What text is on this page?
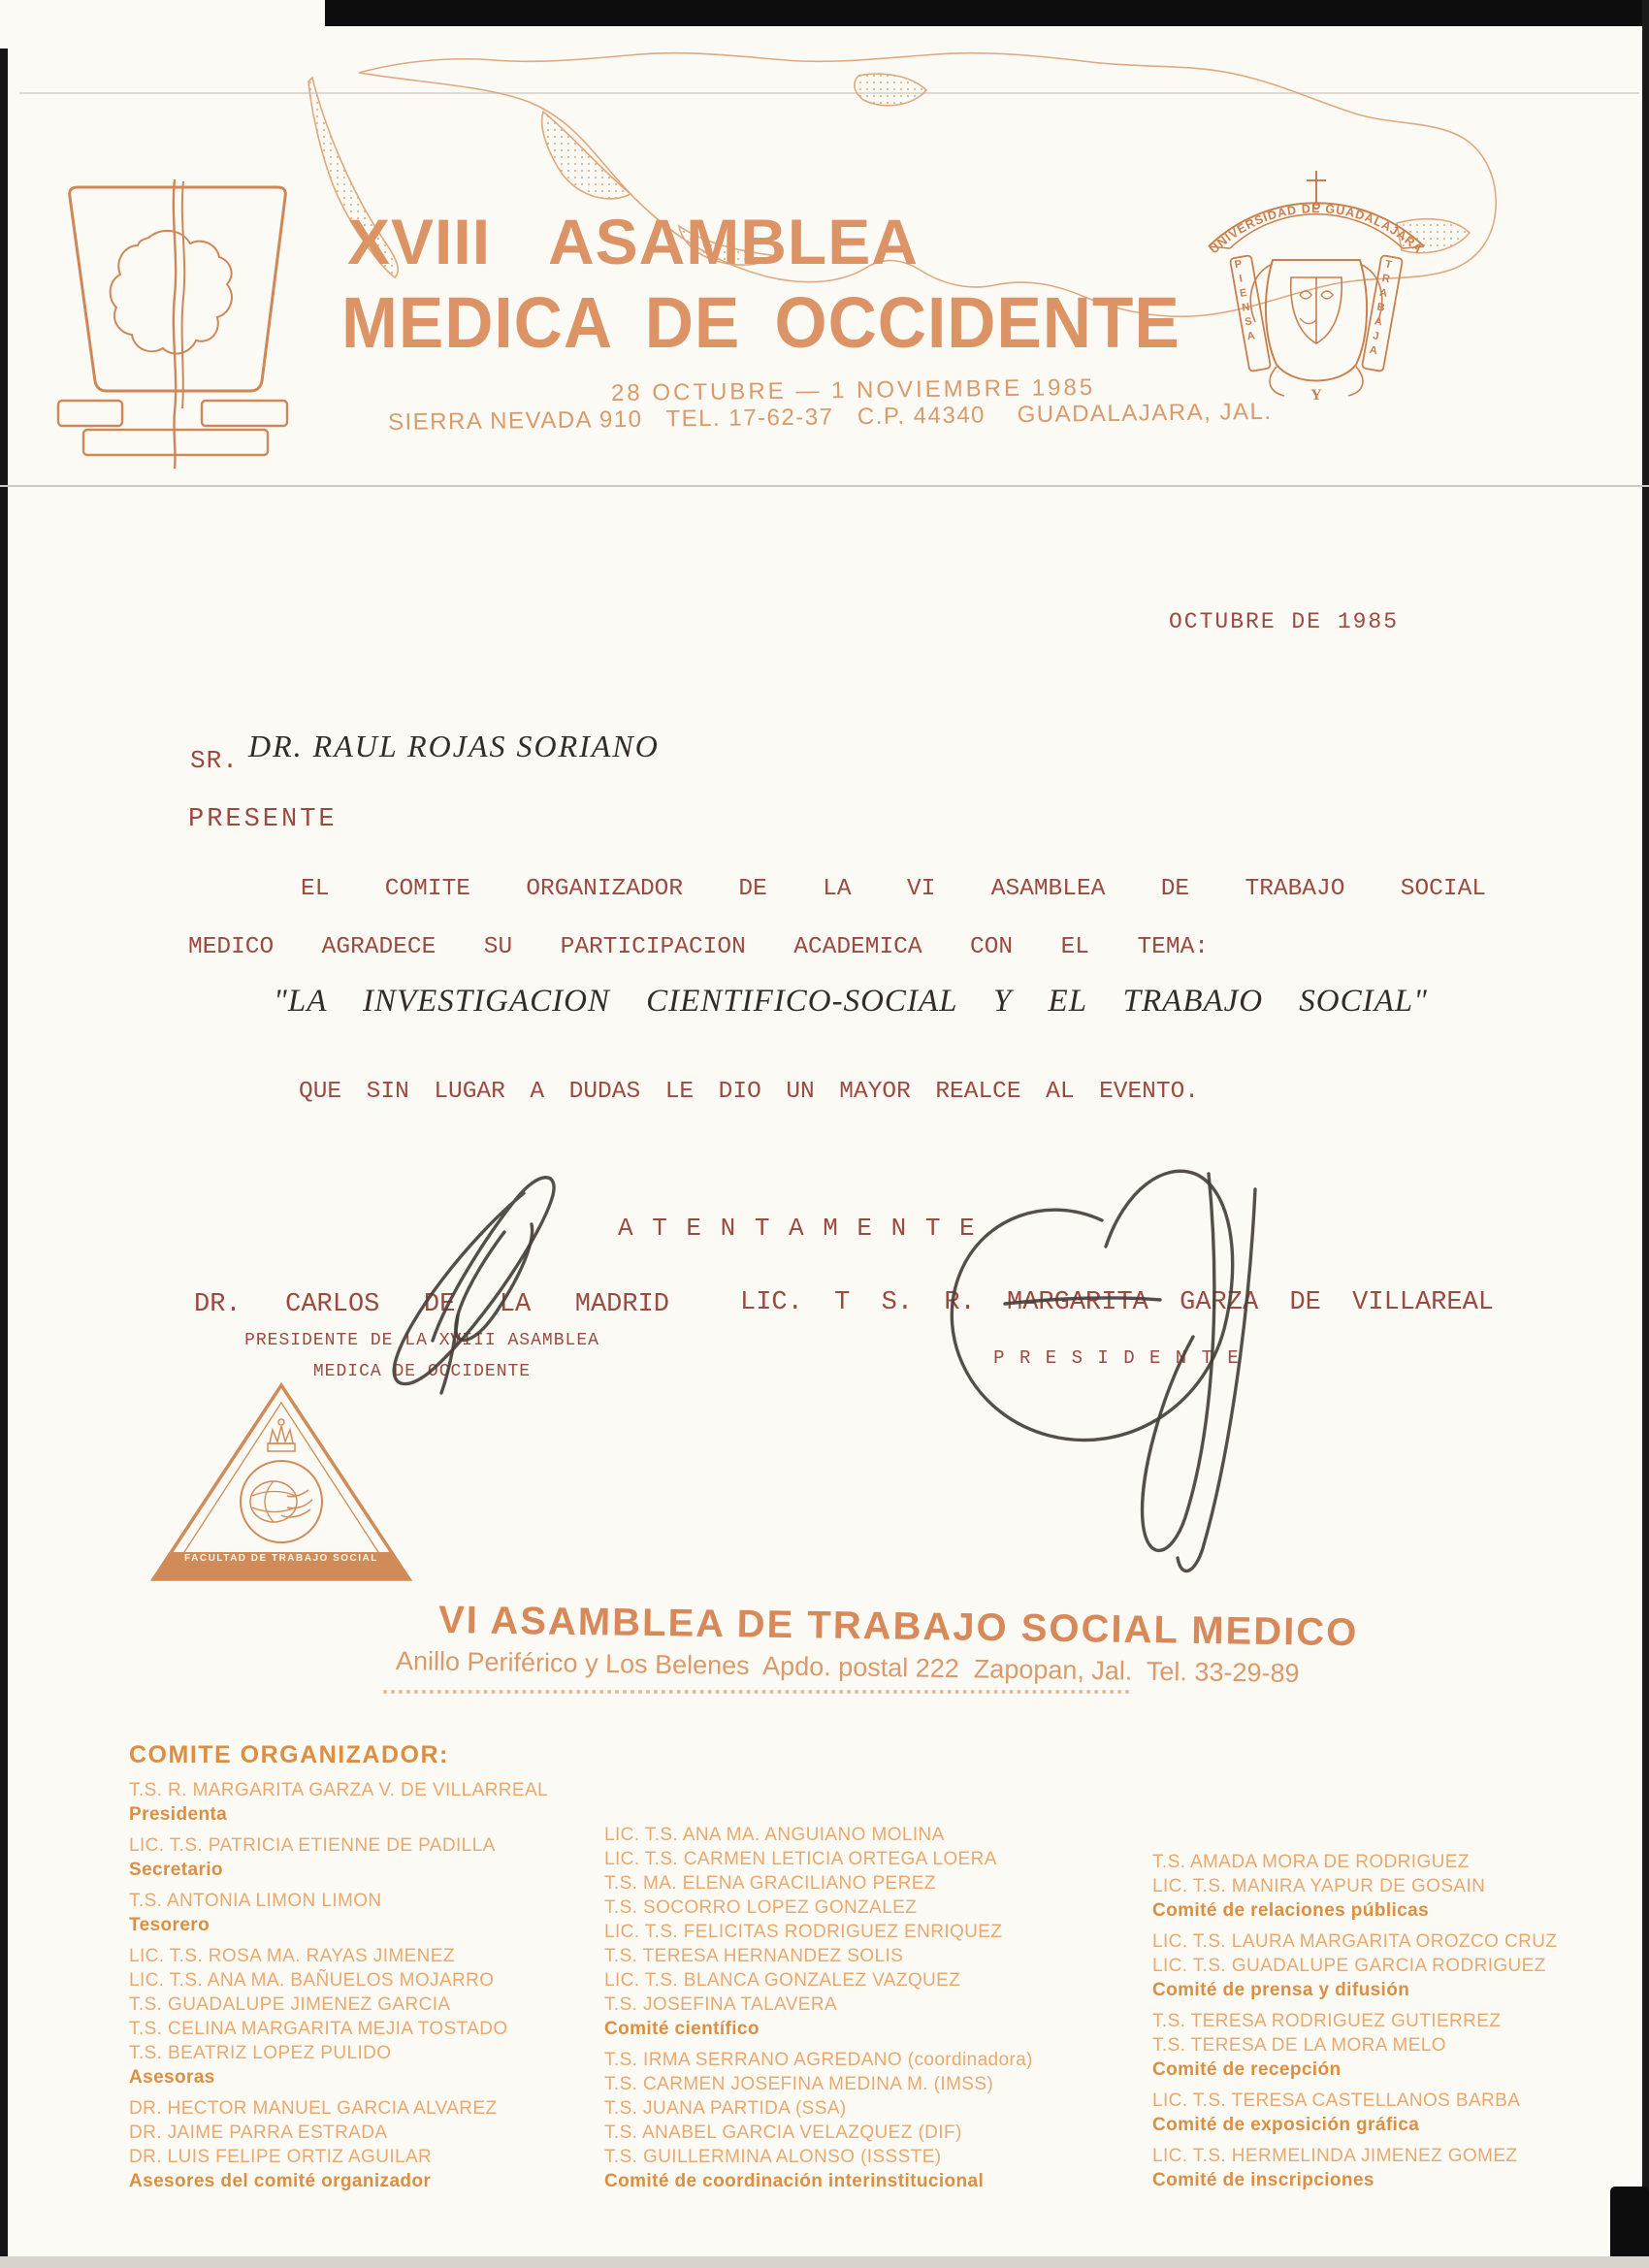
XVIII ASAMBLEA
MEDICA DE OCCIDENTE
28 OCTUBRE — 1 NOVIEMBRE 1985
SIERRA NEVADA 910   TEL. 17-62-37   C.P. 44340    GUADALAJARA, JAL.
UNIVERSIDAD DE GUADALAJARA
Y
PIENSA	TRABAJA
OCTUBRE DE 1985
SR. DR. RAUL ROJAS SORIANO
PRESENTE
EL COMITE ORGANIZADOR DE LA VI ASAMBLEA DE TRABAJO SOCIAL
MEDICO AGRADECE SU PARTICIPACION ACADEMICA CON EL TEMA:
"LA INVESTIGACION CIENTIFICO-SOCIAL Y EL TRABAJO SOCIAL"
QUE SIN LUGAR A DUDAS LE DIO UN MAYOR REALCE AL EVENTO.
A T E N T A M E N T E
DR. CARLOS DE LA MADRID
PRESIDENTE DE LA XVIII ASAMBLEA
MEDICA DE OCCIDENTE
LIC. T S. R. MARGARITA GARZA DE VILLAREAL
P R E S I D E N T E
FACULTAD DE TRABAJO SOCIAL
VI ASAMBLEA DE TRABAJO SOCIAL MEDICO
Anillo Periférico y Los Belenes  Apdo. postal 222  Zapopan, Jal.  Tel. 33-29-89
COMITE ORGANIZADOR:
T.S. R. MARGARITA GARZA V. DE VILLARREAL
Presidenta
LIC. T.S. PATRICIA ETIENNE DE PADILLA
Secretario
T.S. ANTONIA LIMON LIMON
Tesorero
LIC. T.S. ROSA MA. RAYAS JIMENEZ
LIC. T.S. ANA MA. BAÑUELOS MOJARRO
T.S. GUADALUPE JIMENEZ GARCIA
T.S. CELINA MARGARITA MEJIA TOSTADO
T.S. BEATRIZ LOPEZ PULIDO
Asesoras
DR. HECTOR MANUEL GARCIA ALVAREZ
DR. JAIME PARRA ESTRADA
DR. LUIS FELIPE ORTIZ AGUILAR
Asesores del comité organizador
LIC. T.S. ANA MA. ANGUIANO MOLINA
LIC. T.S. CARMEN LETICIA ORTEGA LOERA
T.S. MA. ELENA GRACILIANO PEREZ
T.S. SOCORRO LOPEZ GONZALEZ
LIC. T.S. FELICITAS RODRIGUEZ ENRIQUEZ
T.S. TERESA HERNANDEZ SOLIS
LIC. T.S. BLANCA GONZALEZ VAZQUEZ
T.S. JOSEFINA TALAVERA
Comité científico
T.S. IRMA SERRANO AGREDANO (coordinadora)
T.S. CARMEN JOSEFINA MEDINA M. (IMSS)
T.S. JUANA PARTIDA (SSA)
T.S. ANABEL GARCIA VELAZQUEZ (DIF)
T.S. GUILLERMINA ALONSO (ISSSTE)
Comité de coordinación interinstitucional
T.S. AMADA MORA DE RODRIGUEZ
LIC. T.S. MANIRA YAPUR DE GOSAIN
Comité de relaciones públicas
LIC. T.S. LAURA MARGARITA OROZCO CRUZ
LIC. T.S. GUADALUPE GARCIA RODRIGUEZ
Comité de prensa y difusión
T.S. TERESA RODRIGUEZ GUTIERREZ
T.S. TERESA DE LA MORA MELO
Comité de recepción
LIC. T.S. TERESA CASTELLANOS BARBA
Comité de exposición gráfica
LIC. T.S. HERMELINDA JIMENEZ GOMEZ
Comité de inscripciones
